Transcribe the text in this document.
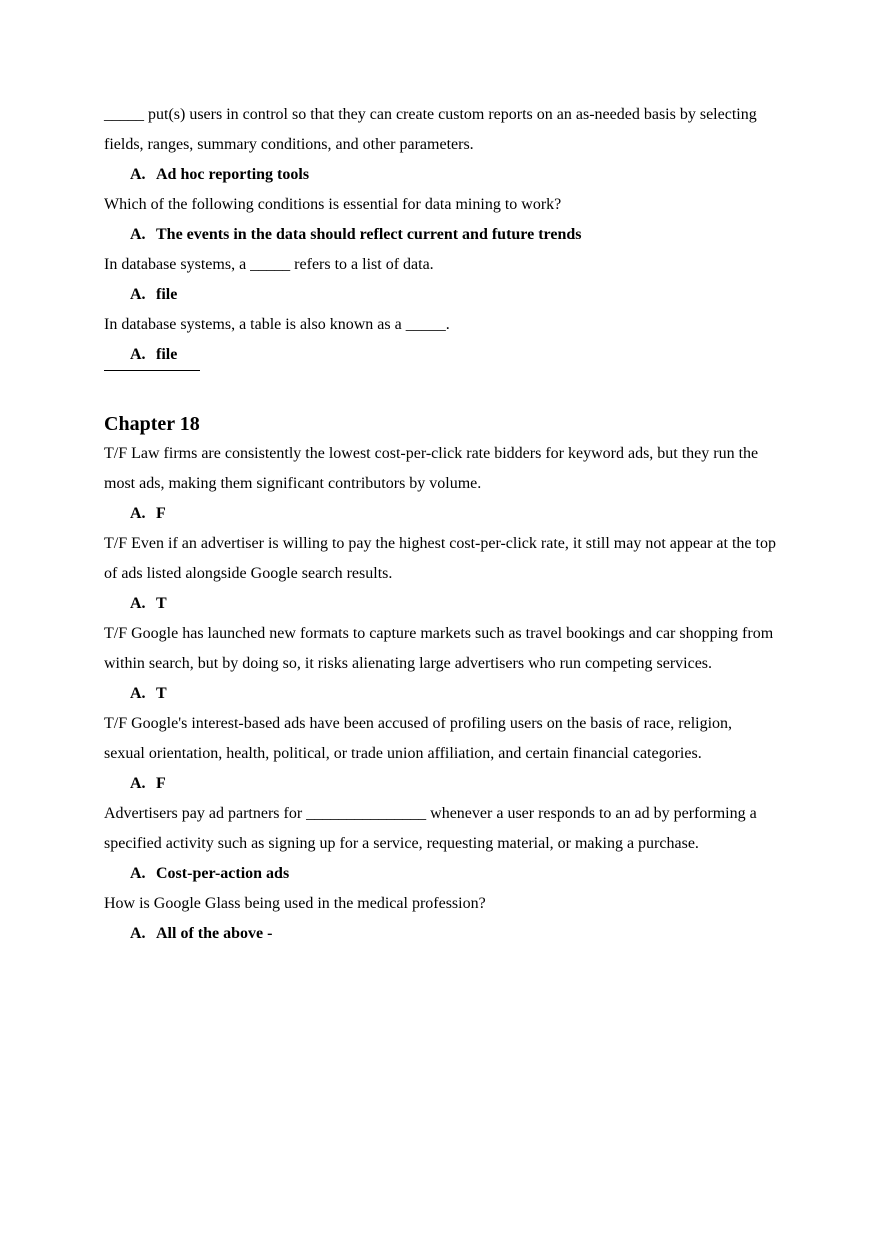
_____ put(s) users in control so that they can create custom reports on an as-needed basis by selecting fields, ranges, summary conditions, and other parameters.

A. Ad hoc reporting tools

Which of the following conditions is essential for data mining to work?

A. The events in the data should reflect current and future trends

In database systems, a _____ refers to a list of data.

A. file

In database systems, a table is also known as a _____.

A. file

Chapter 18

T/F Law firms are consistently the lowest cost-per-click rate bidders for keyword ads, but they run the most ads, making them significant contributors by volume.

A. F

T/F Even if an advertiser is willing to pay the highest cost-per-click rate, it still may not appear at the top of ads listed alongside Google search results.

A. T

T/F Google has launched new formats to capture markets such as travel bookings and car shopping from within search, but by doing so, it risks alienating large advertisers who run competing services.

A. T

T/F Google's interest-based ads have been accused of profiling users on the basis of race, religion, sexual orientation, health, political, or trade union affiliation, and certain financial categories.

A. F

Advertisers pay ad partners for _______________ whenever a user responds to an ad by performing a specified activity such as signing up for a service, requesting material, or making a purchase.

A. Cost-per-action ads

How is Google Glass being used in the medical profession?

A. All of the above -
